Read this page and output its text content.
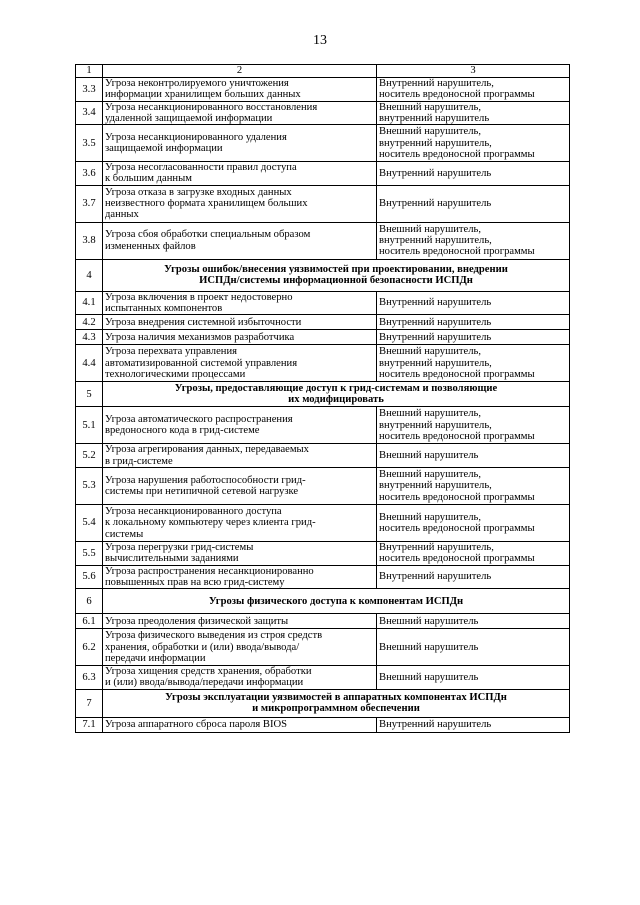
13
1	2	3
3.3	Угроза неконтролируемого уничтожения
информации хранилищем больших данных	Внутренний нарушитель,
носитель вредоносной программы
3.4	Угроза несанкционированного восстановления
удаленной защищаемой информации	Внешний нарушитель,
внутренний нарушитель
3.5	Угроза несанкционированного удаления
защищаемой информации	Внешний нарушитель,
внутренний нарушитель,
носитель вредоносной программы
3.6	Угроза несогласованности правил доступа
к большим данным	Внутренний нарушитель
3.7	Угроза отказа в загрузке входных данных
неизвестного формата хранилищем больших
данных	Внутренний нарушитель
3.8	Угроза сбоя обработки специальным образом
измененных файлов	Внешний нарушитель,
внутренний нарушитель,
носитель вредоносной программы
4	Угрозы ошибок/внесения уязвимостей при проектировании, внедрении
ИСПДн/системы информационной безопасности ИСПДн	
4.1	Угроза включения в проект недостоверно
испытанных компонентов	Внутренний нарушитель
4.2	Угроза внедрения системной избыточности	Внутренний нарушитель
4.3	Угроза наличия механизмов разработчика	Внутренний нарушитель
4.4	Угроза перехвата управления
автоматизированной системой управления
технологическими процессами	Внешний нарушитель,
внутренний нарушитель,
носитель вредоносной программы
5	Угрозы, предоставляющие доступ к грид-системам и позволяющие
их модифицировать	
5.1	Угроза автоматического распространения
вредоносного кода в грид-системе	Внешний нарушитель,
внутренний нарушитель,
носитель вредоносной программы
5.2	Угроза агрегирования данных, передаваемых
в грид-системе	Внешний нарушитель
5.3	Угроза нарушения работоспособности грид-
системы при нетипичной сетевой нагрузке	Внешний нарушитель,
внутренний нарушитель,
носитель вредоносной программы
5.4	Угроза несанкционированного доступа
к локальному компьютеру через клиента грид-
системы	Внешний нарушитель,
носитель вредоносной программы
5.5	Угроза перегрузки грид-системы
вычислительными заданиями	Внутренний нарушитель,
носитель вредоносной программы
5.6	Угроза распространения несанкционированно
повышенных прав на всю грид-систему	Внутренний нарушитель
6	Угрозы физического доступа к компонентам ИСПДн	
6.1	Угроза преодоления физической защиты	Внешний нарушитель
6.2	Угроза физического выведения из строя средств
хранения, обработки и (или) ввода/вывода/
передачи информации	Внешний нарушитель
6.3	Угроза хищения средств хранения, обработки
и (или) ввода/вывода/передачи информации	Внешний нарушитель
7	Угрозы эксплуатации уязвимостей в аппаратных компонентах ИСПДн
и микропрограммном обеспечении	
7.1	Угроза аппаратного сброса пароля BIOS	Внутренний нарушитель
